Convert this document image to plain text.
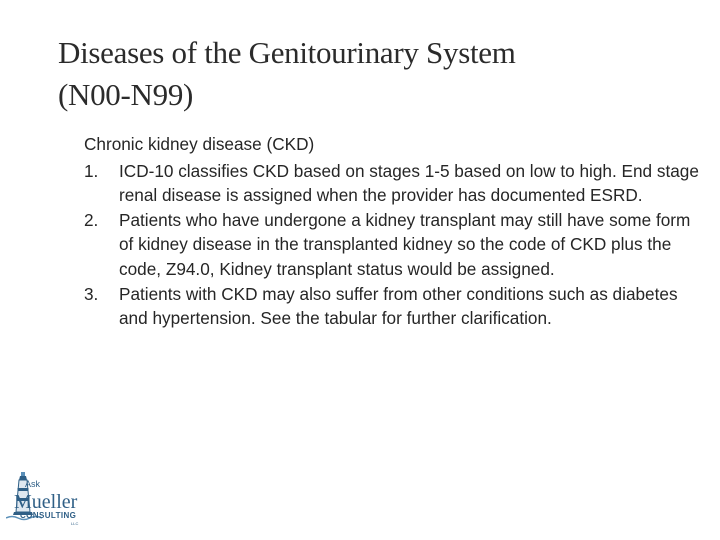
Diseases of the Genitourinary System
(N00-N99)

Chronic kidney disease (CKD)

1. ICD-10 classifies CKD based on stages 1-5 based on low to high. End stage renal disease is assigned when the provider has documented ESRD.
2. Patients who have undergone a kidney transplant may still have some form of kidney disease in the transplanted kidney so the code of CKD plus the code, Z94.0, Kidney transplant status would be assigned.
3. Patients with CKD may also suffer from other conditions such as diabetes and hypertension. See the tabular for further clarification.
Ask
Mueller
CONSULTING
LLC
